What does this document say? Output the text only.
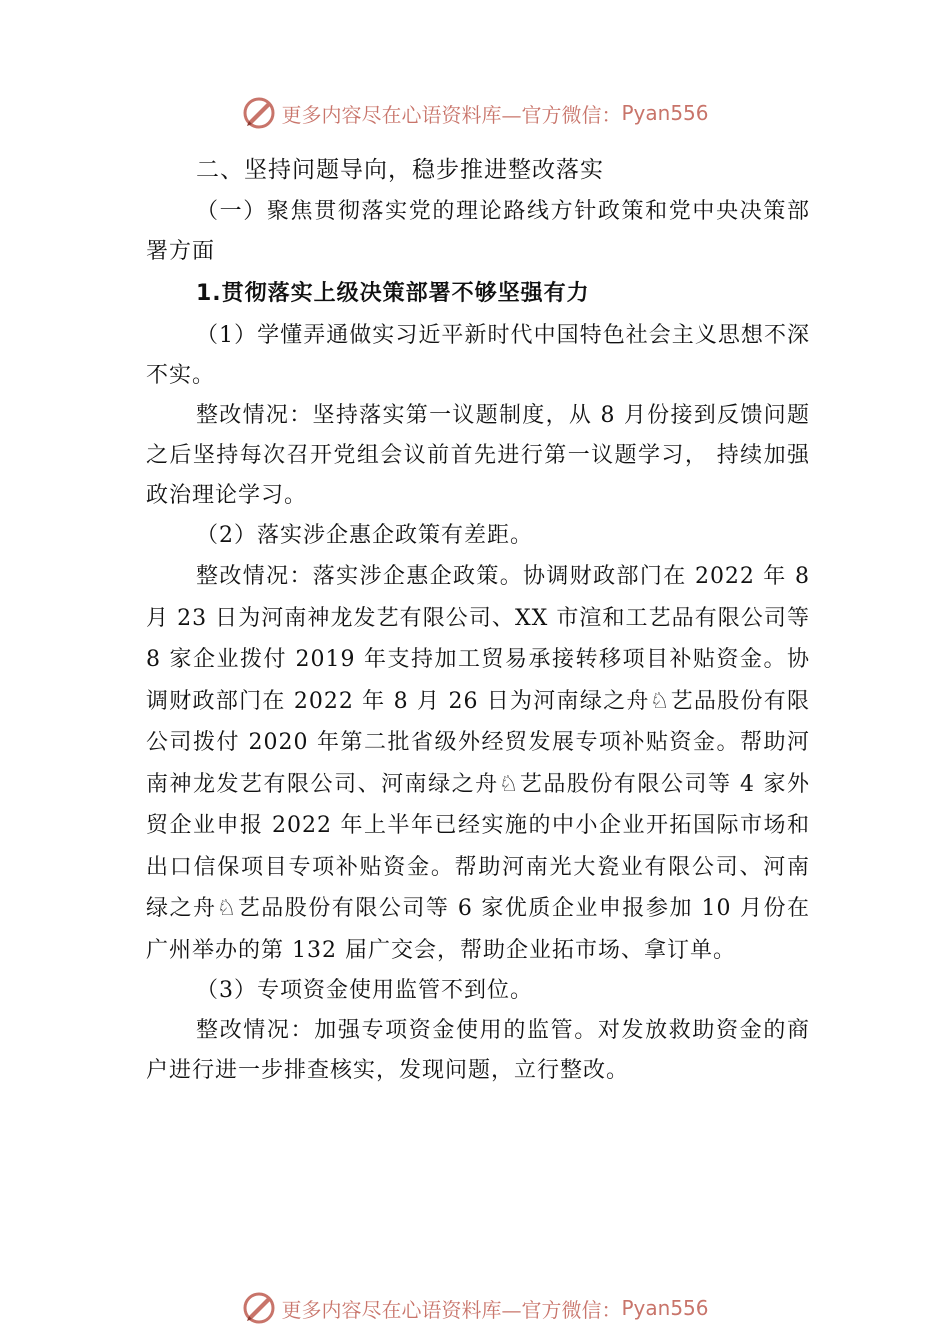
更多内容尽在心语资料库—官方微信： Pyan556

二、坚持问题导向，稳步推进整改落实

（一）聚焦贯彻落实党的理论路线方针政策和党中央决策部署方面

1.贯彻落实上级决策部署不够坚强有力

（1）学懂弄通做实习近平新时代中国特色社会主义思想不深不实。

整改情况：坚持落实第一议题制度，从 8 月份接到反馈问题之后坚持每次召开党组会议前首先进行第一议题学习， 持续加强政治理论学习。

（2）落实涉企惠企政策有差距。

整改情况：落实涉企惠企政策。协调财政部门在 2022 年 8 月 23 日为河南神龙发艺有限公司、XX 市渲和工艺品有限公司等 8 家企业拨付 2019 年支持加工贸易承接转移项目补贴资金。协调财政部门在 2022 年 8 月 26 日为河南绿之舟♘艺品股份有限公司拨付 2020 年第二批省级外经贸发展专项补贴资金。帮助河南神龙发艺有限公司、河南绿之舟♘艺品股份有限公司等 4 家外贸企业申报 2022 年上半年已经实施的中小企业开拓国际市场和出口信保项目专项补贴资金。帮助河南光大瓷业有限公司、河南绿之舟♘艺品股份有限公司等 6 家优质企业申报参加 10 月份在广州举办的第 132 届广交会，帮助企业拓市场、拿订单。

（3）专项资金使用监管不到位。

整改情况：加强专项资金使用的监管。对发放救助资金的商户进行进一步排查核实，发现问题，立行整改。

更多内容尽在心语资料库—官方微信： Pyan556
